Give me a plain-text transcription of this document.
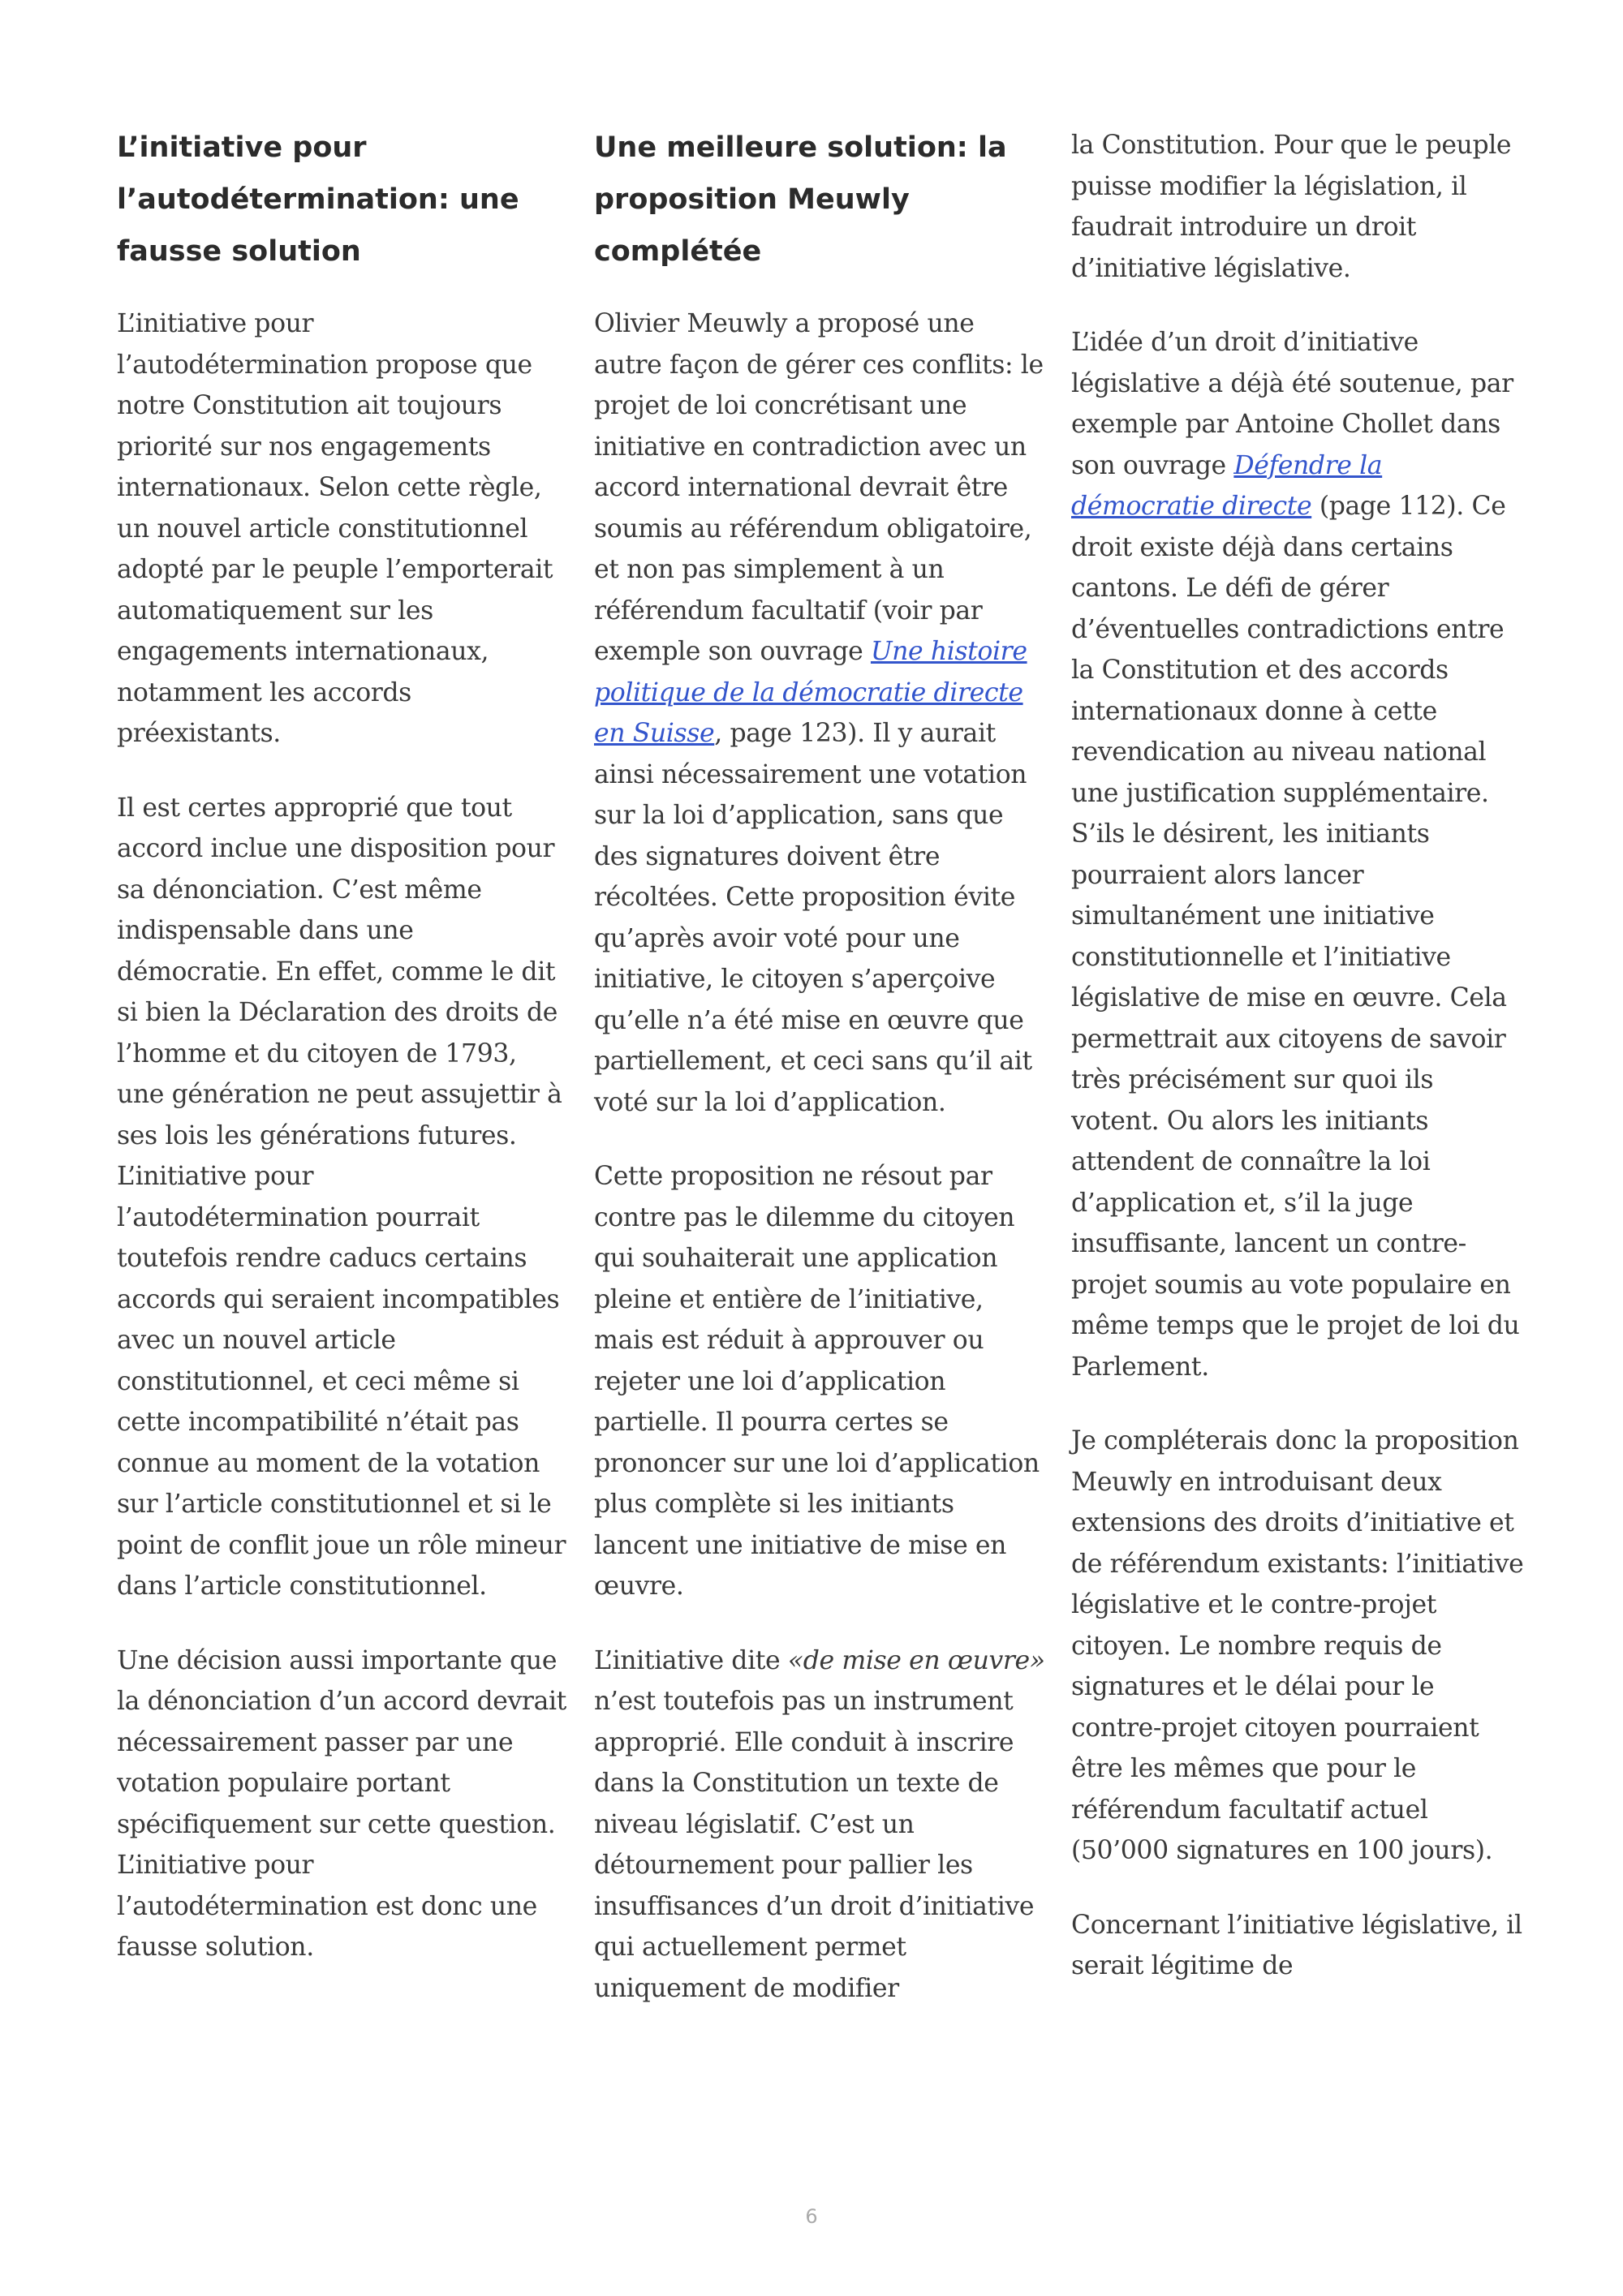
L’initiative pour l’autodétermination: une fausse solution

L’initiative pour l’autodétermination propose que notre Constitution ait toujours priorité sur nos engagements internationaux. Selon cette règle, un nouvel article constitutionnel adopté par le peuple l’emporterait automatiquement sur les engagements internationaux, notamment les accords préexistants.

Il est certes approprié que tout accord inclue une disposition pour sa dénonciation. C’est même indispensable dans une démocratie. En effet, comme le dit si bien la Déclaration des droits de l’homme et du citoyen de 1793, une génération ne peut assujettir à ses lois les générations futures. L’initiative pour l’autodétermination pourrait toutefois rendre caducs certains accords qui seraient incompatibles avec un nouvel article constitutionnel, et ceci même si cette incompatibilité n’était pas connue au moment de la votation sur l’article constitutionnel et si le point de conflit joue un rôle mineur dans l’article constitutionnel.

Une décision aussi importante que la dénonciation d’un accord devrait nécessairement passer par une votation populaire portant spécifiquement sur cette question. L’initiative pour l’autodétermination est donc une fausse solution.

Une meilleure solution: la proposition Meuwly complétée

Olivier Meuwly a proposé une autre façon de gérer ces conflits: le projet de loi concrétisant une initiative en contradiction avec un accord international devrait être soumis au référendum obligatoire, et non pas simplement à un référendum facultatif (voir par exemple son ouvrage Une histoire politique de la démocratie directe en Suisse, page 123). Il y aurait ainsi nécessairement une votation sur la loi d’application, sans que des signatures doivent être récoltées. Cette proposition évite qu’après avoir voté pour une initiative, le citoyen s’aperçoive qu’elle n’a été mise en œuvre que partiellement, et ceci sans qu’il ait voté sur la loi d’application.

Cette proposition ne résout par contre pas le dilemme du citoyen qui souhaiterait une application pleine et entière de l’initiative, mais est réduit à approuver ou rejeter une loi d’application partielle. Il pourra certes se prononcer sur une loi d’application plus complète si les initiants lancent une initiative de mise en œuvre.

L’initiative dite «de mise en œuvre» n’est toutefois pas un instrument approprié. Elle conduit à inscrire dans la Constitution un texte de niveau législatif. C’est un détournement pour pallier les insuffisances d’un droit d’initiative qui actuellement permet uniquement de modifier

la Constitution. Pour que le peuple puisse modifier la législation, il faudrait introduire un droit d’initiative législative.

L’idée d’un droit d’initiative législative a déjà été soutenue, par exemple par Antoine Chollet dans son ouvrage Défendre la démocratie directe (page 112). Ce droit existe déjà dans certains cantons. Le défi de gérer d’éventuelles contradictions entre la Constitution et des accords internationaux donne à cette revendication au niveau national une justification supplémentaire. S’ils le désirent, les initiants pourraient alors lancer simultanément une initiative constitutionnelle et l’initiative législative de mise en œuvre. Cela permettrait aux citoyens de savoir très précisément sur quoi ils votent. Ou alors les initiants attendent de connaître la loi d’application et, s’il la juge insuffisante, lancent un contre-projet soumis au vote populaire en même temps que le projet de loi du Parlement.

Je compléterais donc la proposition Meuwly en introduisant deux extensions des droits d’initiative et de référendum existants: l’initiative législative et le contre-projet citoyen. Le nombre requis de signatures et le délai pour le contre-projet citoyen pourraient être les mêmes que pour le référendum facultatif actuel (50’000 signatures en 100 jours).

Concernant l’initiative législative, il serait légitime de

6
